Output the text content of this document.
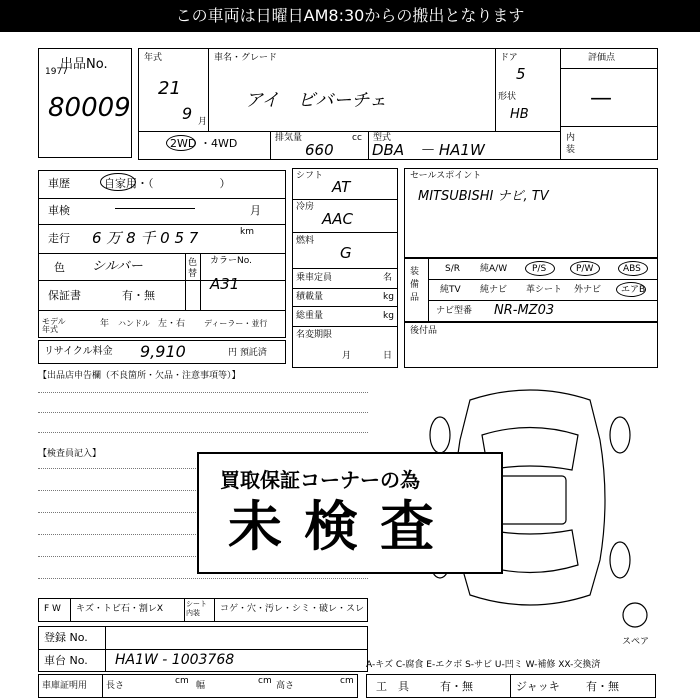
この車両は日曜日AM8:30からの搬出となります
出品No.
1977
80009
年式
21
9 月
車名・グレード
アイ　ビバーチェ
ドア
5
形状
HB
評価点
—
内装
2WD ・4WD	排気量	cc
660
型式
DBA　－ HA1W
車歴	自家用・（　　　　　　）
車検	月
走行 6 万 8 千 0 5 7	km
色 シルバー	色替
カラーNo.
A31
保証書	有・無
モデル年式
年 ハンドル 左・右 ディーラー・並行
リサイクル料金 9,910	円 預託済
シフト
AT
冷房
AAC
燃料
G
乗車定員	名
積載量	kg
総重量	kg
名変期限
月	日
セールスポイント
MITSUBISHI ナビ, TV
装備品
S/R 純A/W	P/S	P/W	ABS
純TV 純ナビ 革シート 外ナビ エアB
ナビ型番 NR-MZ03
後付品
【出品店申告欄（不良箇所・欠品・注意事項等）】
【検査員記入】
スペア
買取保証コーナーの為
未検査
F W キズ・トビ石・割レX	シート内装	コゲ・穴・汚レ・シミ・破レ・スレ
登録 No.
車台 No. HA1W - 1003768
車庫証明用 長さ	cm 幅	cm 高さ	cm
A-キズ C-腐食 E-エクボ S-サビ U-凹ミ W-補修 XX-交換済
工　具	有・無	ジャッキ 有・無
